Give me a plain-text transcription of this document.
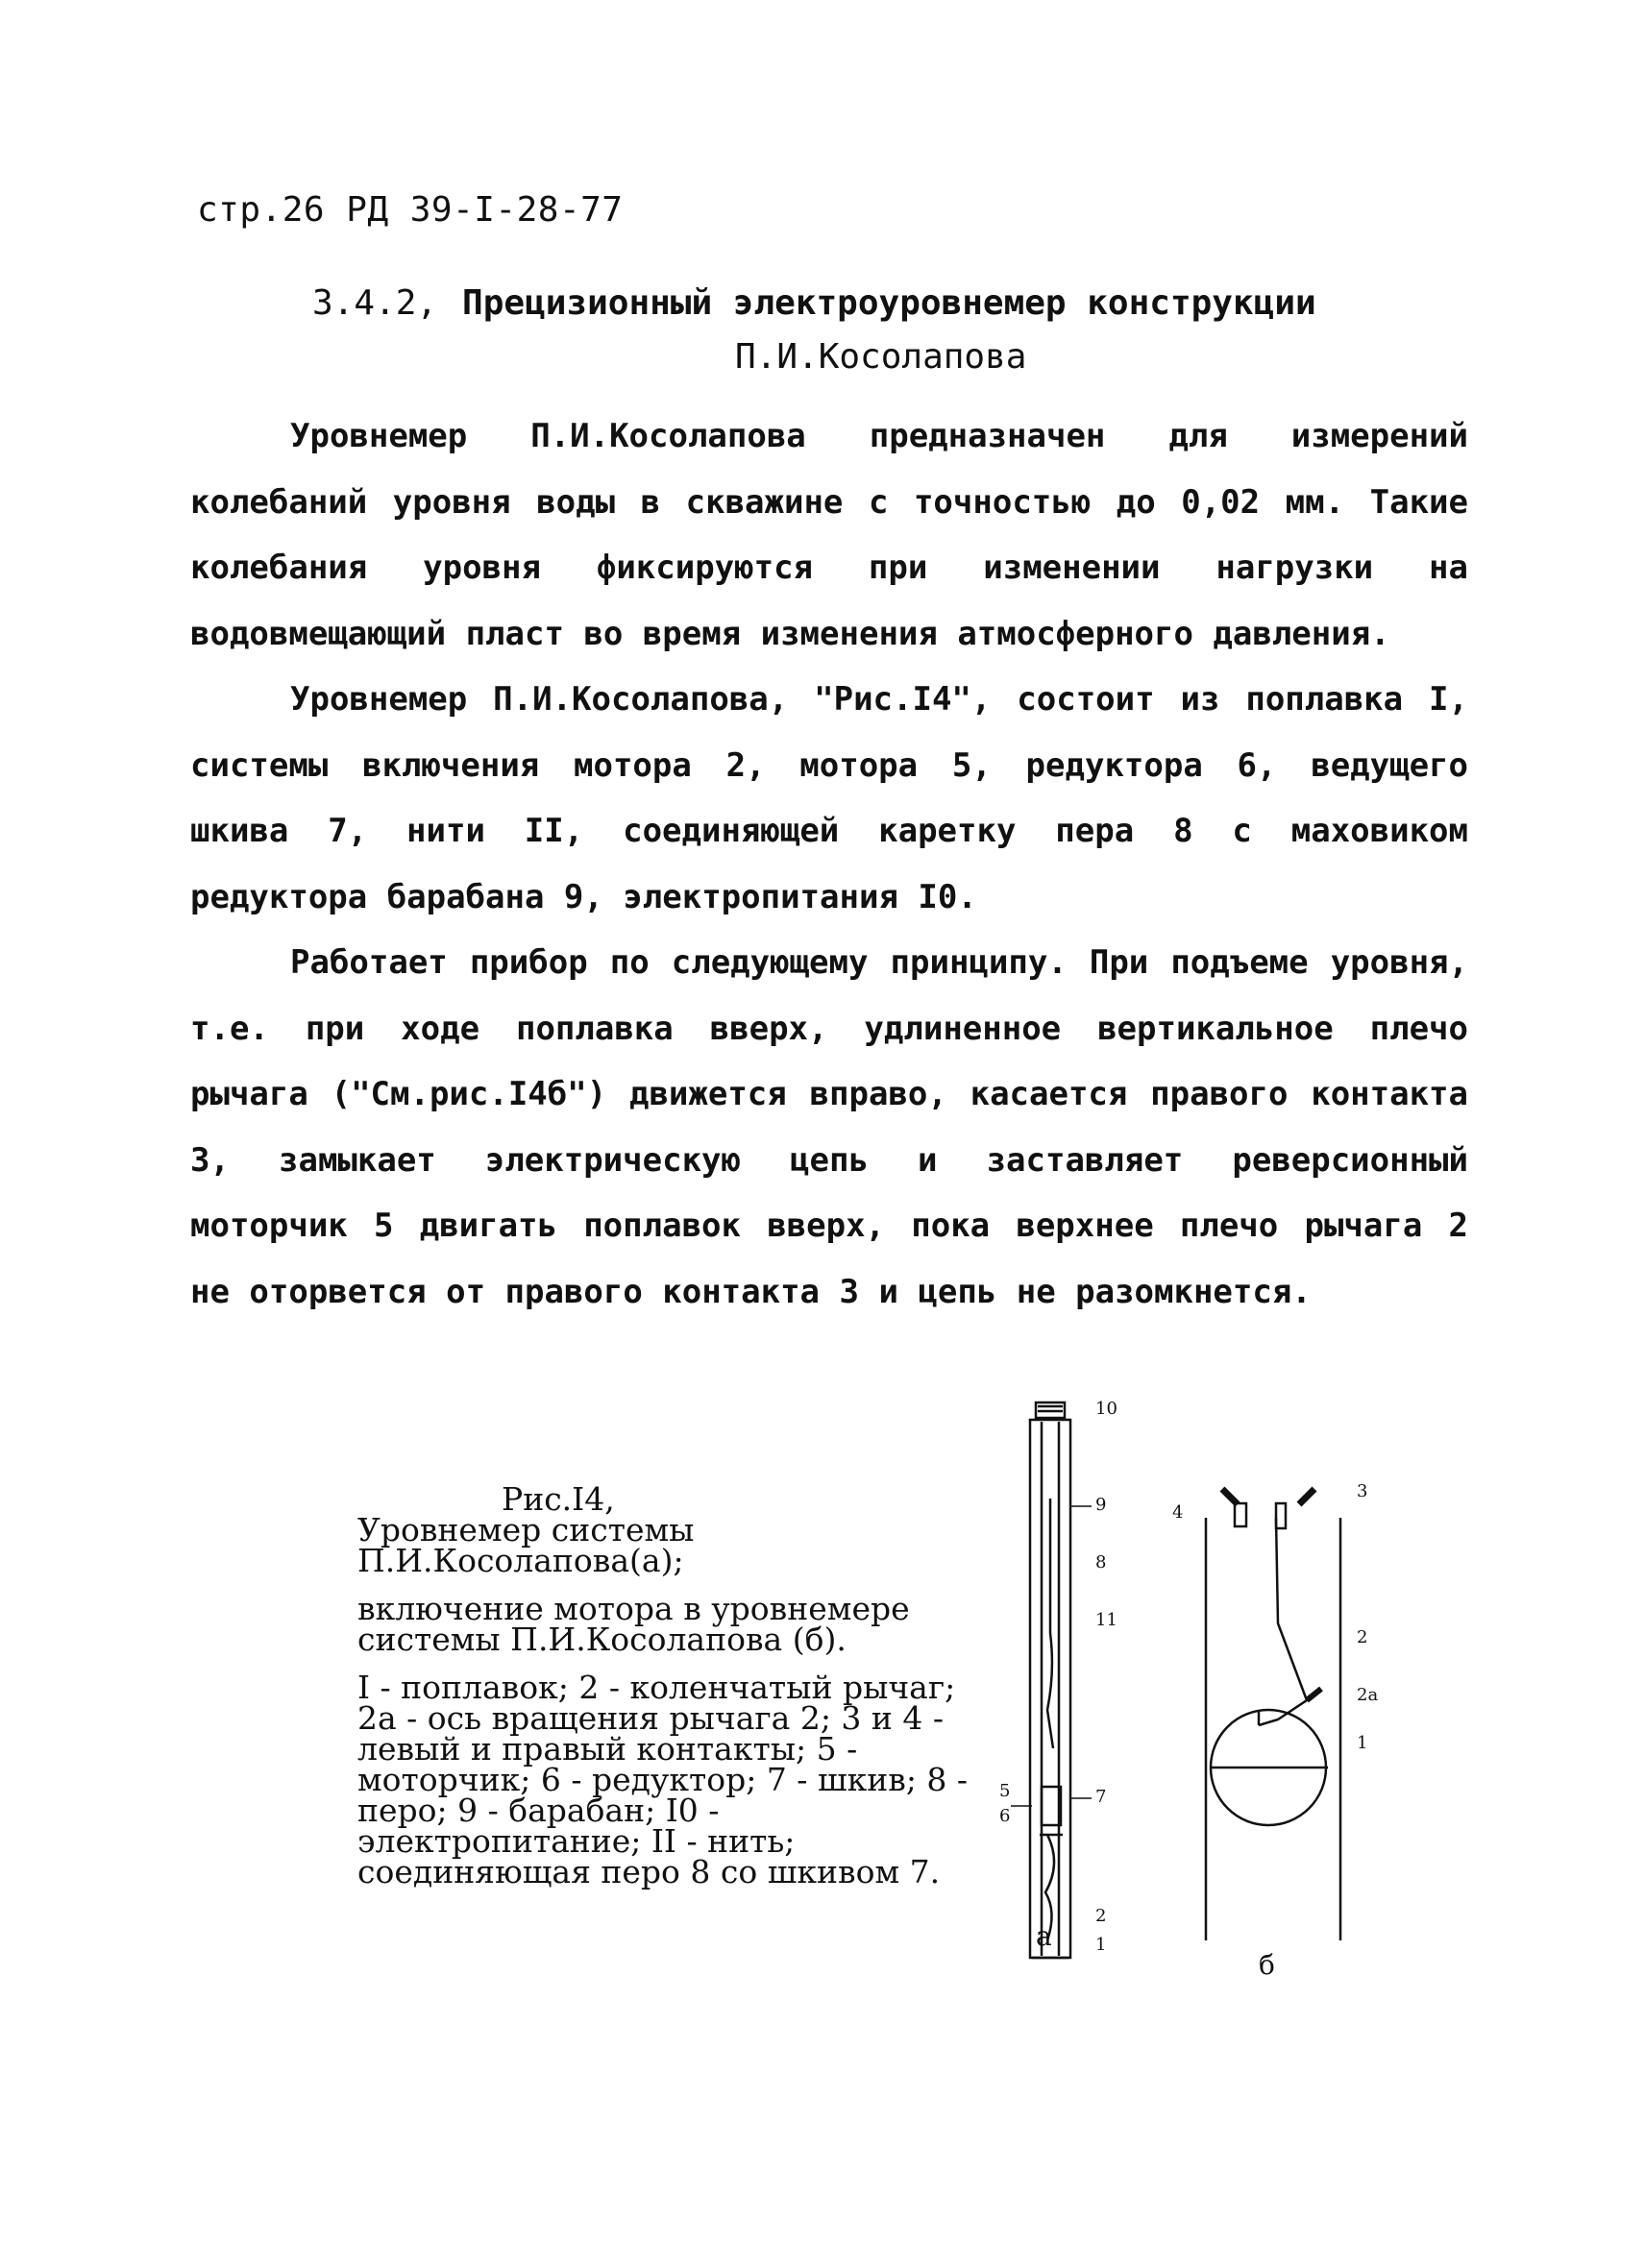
стр.26 РД 39-I-28-77
3.4.2, Прецизионный электроуровнемер конструкции
П.И.Косолапова

Уровнемер П.И.Косолапова предназначен для измерений колебаний уровня воды в скважине с точностью до 0,02 мм. Такие колебания уровня фиксируются при изменении нагрузки на водовмещающий пласт во время изменения атмосферного давления.

Уровнемер П.И.Косолапова, "Рис.I4", состоит из поплавка I, системы включения мотора 2, мотора 5, редуктора 6, ведущего шкива 7, нити II, соединяющей каретку пера 8 с маховиком редуктора барабана 9, электропитания I0.

Работает прибор по следующему принципу. При подъеме уровня, т.е. при ходе поплавка вверх, удлиненное вертикальное плечо рычага ("См.рис.I4б") движется вправо, касается правого контакта 3, замыкает электрическую цепь и заставляет реверсионный моторчик 5 двигать поплавок вверх, пока верхнее плечо рычага 2 не оторвется от правого контакта 3 и цепь не разомкнется.

Рис.I4,
Уровнемер системы П.И.Косолапова(а);
включение мотора в уровнемере системы П.И.Косолапова (б).
I - поплавок; 2 - коленчатый рычаг; 2а - ось вращения рычага 2; 3 и 4 - левый и правый контакты; 5 - моторчик; 6 - редуктор; 7 - шкив; 8 - перо; 9 - барабан; I0 - электропитание; II - нить; соединяющая перо 8 со шкивом 7.
10
9
8
11
5
6
7
2
1
а
4
3
2
2а
1
б
